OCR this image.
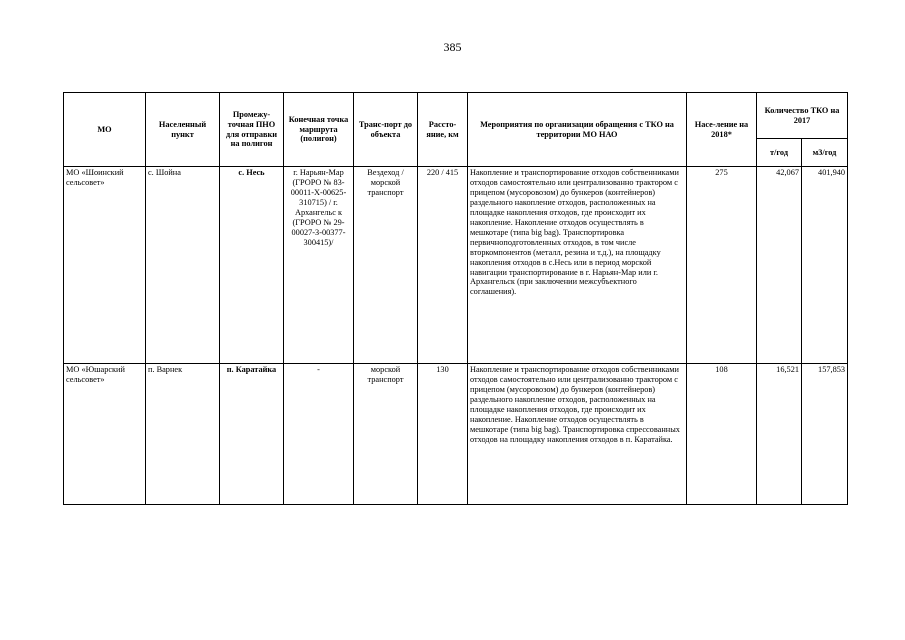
385
МО	Населенный пункт	Промежу-точная ПНО для отправки на полигон	Конечная точка маршрута (полигон)	Транс-порт до объекта	Рассто-яние, км	Мероприятия по организации обращения с ТКО на территории МО НАО	Насе-ление на 2018*	Количество ТКО на 2017	
								т/год	м3/год
МО «Шоинский сельсовет»	с. Шойна	с. Несь	г. Нарьян-Мар (ГРОРО № 83-00011-Х-00625-310715) / г. Архангельс к (ГРОРО № 29-00027-З-00377-300415)/	Вездеход / морской транспорт	220 / 415	Накопление и транспортирование отходов собственниками отходов самостоятельно или централизованно трактором с прицепом (мусоровозом) до бункеров (контейнеров) раздельного накопление отходов, расположенных на площадке накопления отходов, где происходит их накопление. Накопление отходов осуществлять в мешкотаре (типа big bag). Транспортировка первичноподготовленных отходов, в том числе вторкомпонентов (металл, резина и т.д.), на площадку накопления отходов в с.Несь или в период морской навигации транспортирование в г. Нарьян-Мар или г. Архангельск (при заключении межсубъектного соглашения).	275	42,067	401,940
МО «Юшарский сельсовет»	п. Варнек	п. Каратайка	-	морской транспорт	130	Накопление и транспортирование отходов собственниками отходов самостоятельно или централизованно трактором с прицепом (мусоровозом) до бункеров (контейнеров) раздельного накопление отходов, расположенных на площадке накопления отходов, где происходит их накопление. Накопление отходов осуществлять в мешкотаре (типа big bag). Транспортировка спрессованных отходов на площадку накопления отходов в п. Каратайка.	108	16,521	157,853
